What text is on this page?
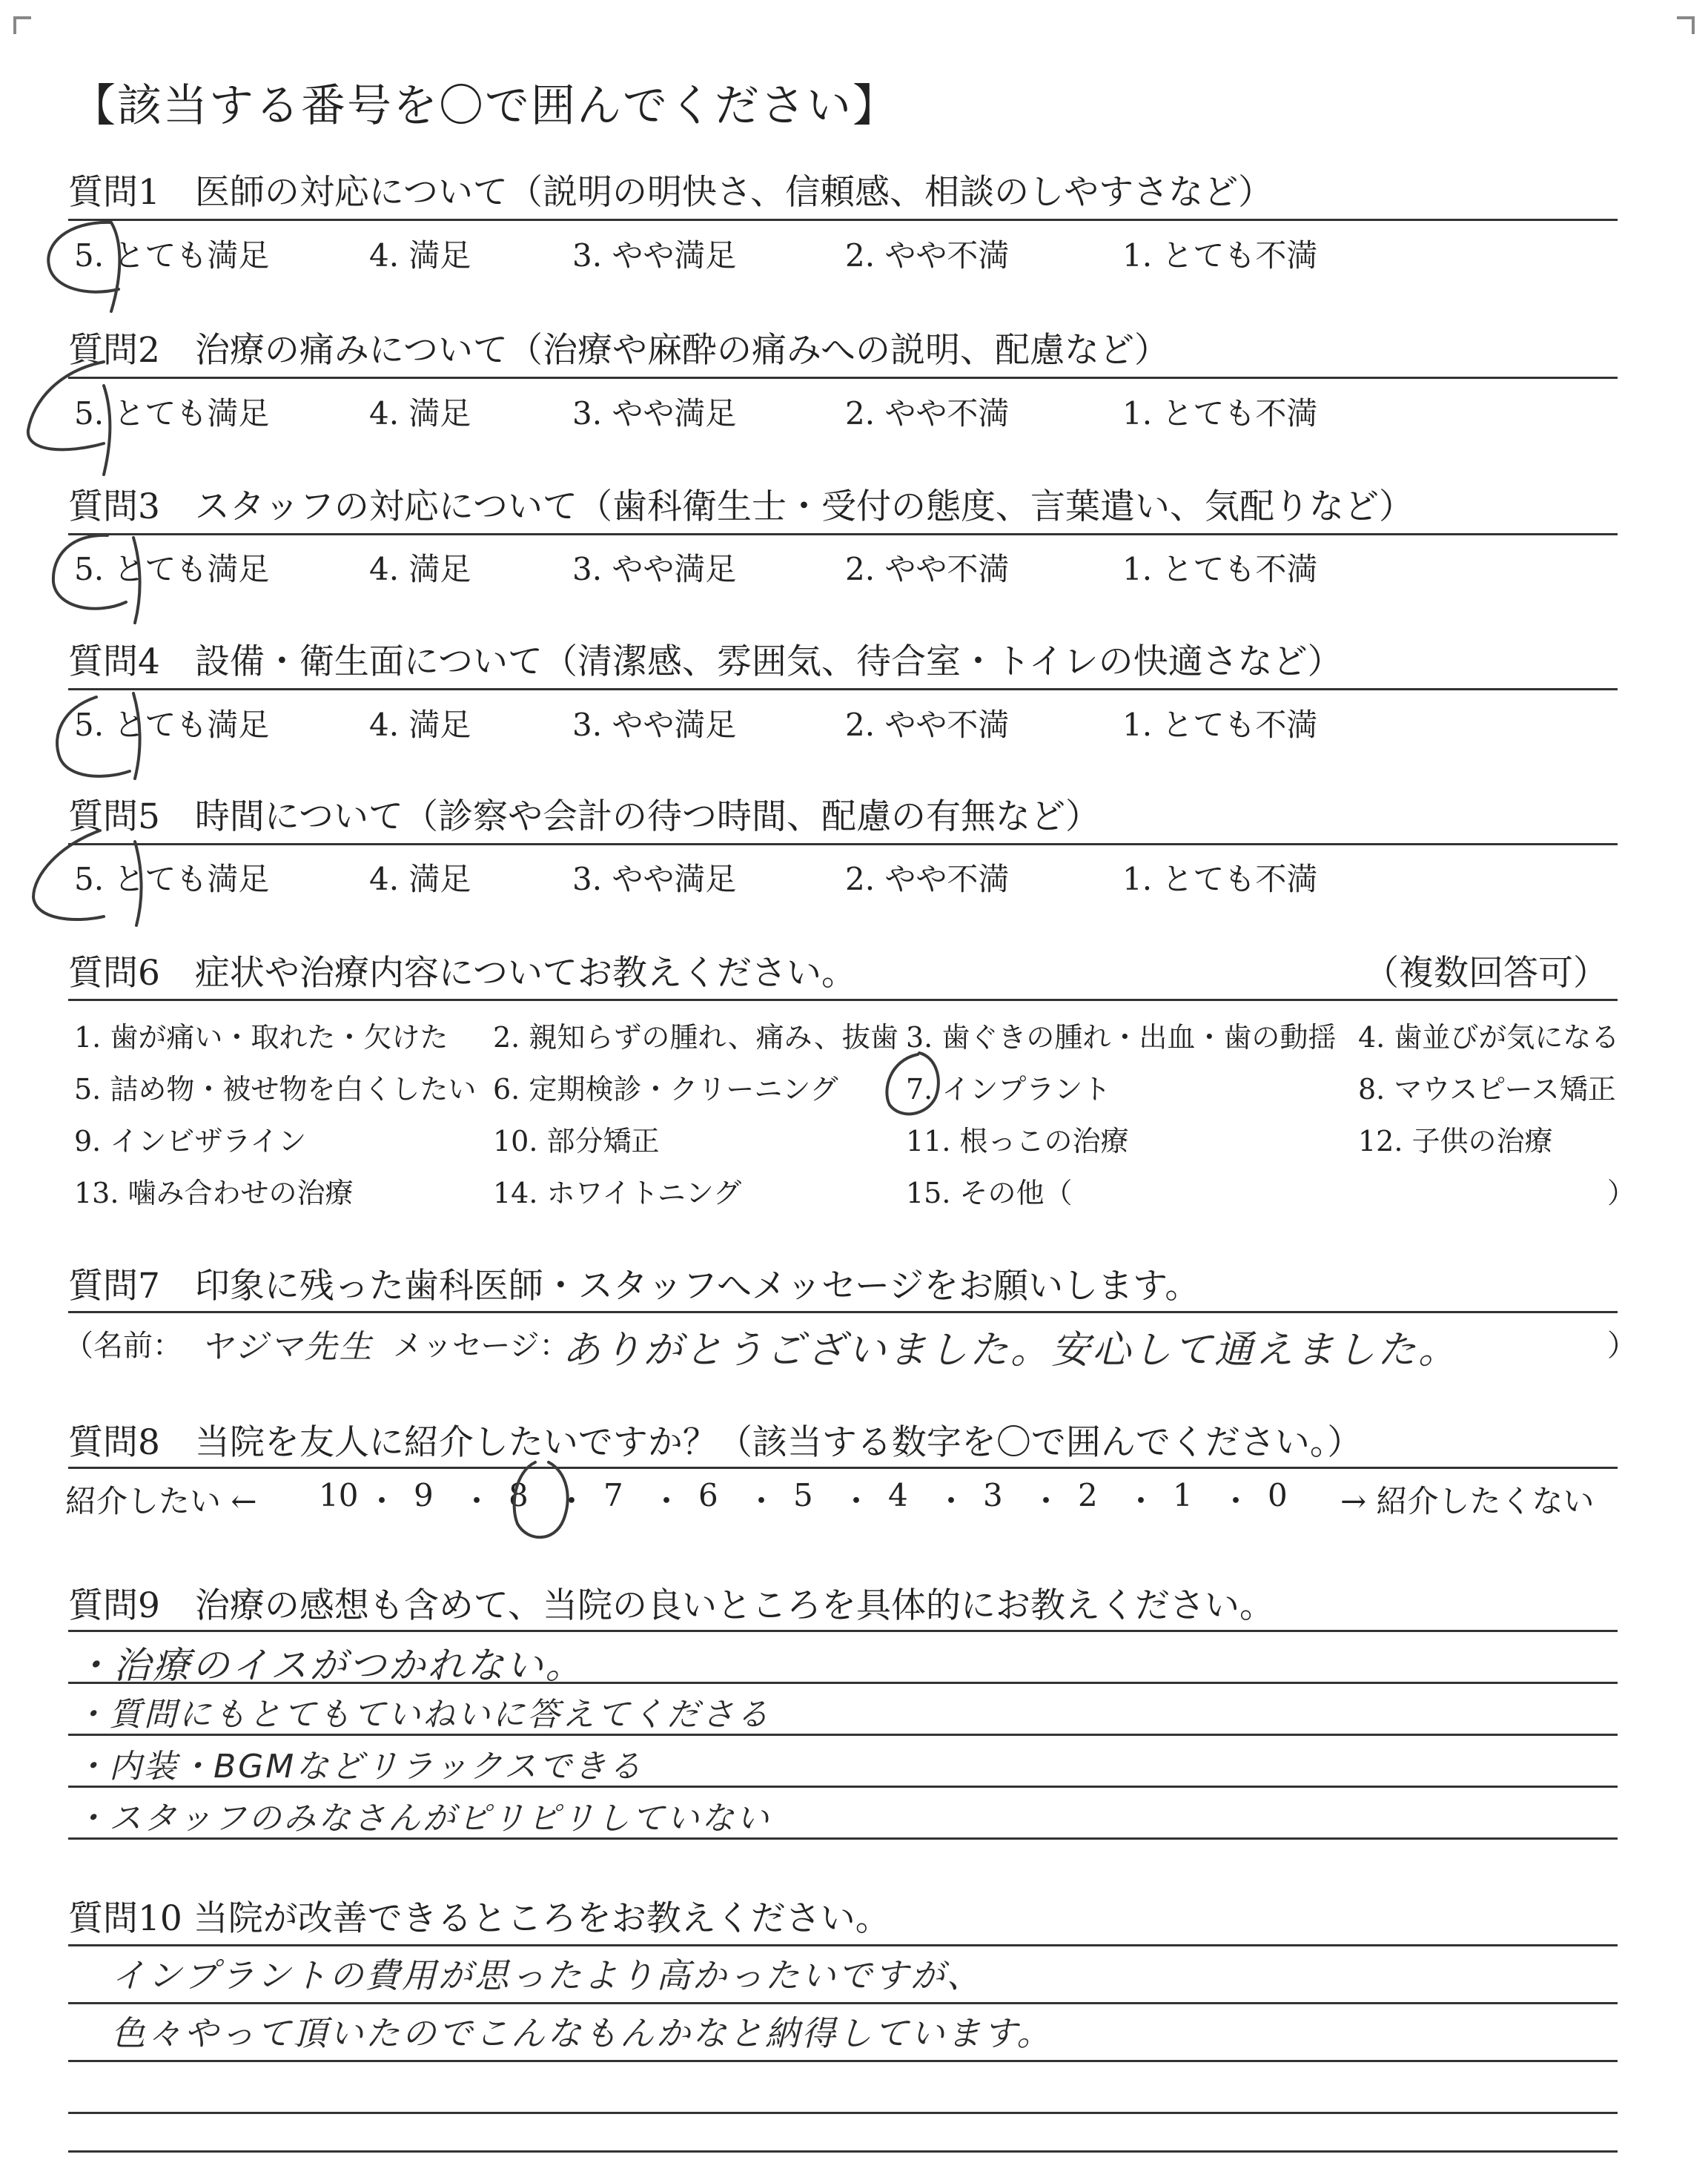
【該当する番号を〇で囲んでください】
質問1　医師の対応について（説明の明快さ、信頼感、相談のしやすさなど）
5. とても満足	4. 満足	3. やや満足	2. やや不満	1. とても不満
質問2　治療の痛みについて（治療や麻酔の痛みへの説明、配慮など）
5. とても満足	4. 満足	3. やや満足	2. やや不満	1. とても不満
質問3　スタッフの対応について（歯科衛生士・受付の態度、言葉遣い、気配りなど）
5. とても満足	4. 満足	3. やや満足	2. やや不満	1. とても不満
質問4　設備・衛生面について（清潔感、雰囲気、待合室・トイレの快適さなど）
5. とても満足	4. 満足	3. やや満足	2. やや不満	1. とても不満
質問5　時間について（診察や会計の待つ時間、配慮の有無など）
5. とても満足	4. 満足	3. やや満足	2. やや不満	1. とても不満
質問6　症状や治療内容についてお教えください。	（複数回答可）
1. 歯が痛い・取れた・欠けた 2. 親知らずの腫れ、痛み、抜歯 3. 歯ぐきの腫れ・出血・歯の動揺 4. 歯並びが気になる
5. 詰め物・被せ物を白くしたい 6. 定期検診・クリーニング 7. インプラント	8. マウスピース矯正
9. インビザライン	10. 部分矯正	11. 根っこの治療	12. 子供の治療
13. 噛み合わせの治療	14. ホワイトニング	15. その他（	）
質問7　印象に残った歯科医師・スタッフへメッセージをお願いします。
（名前： ヤジマ先生 メッセージ：
ありがとうございました。安心して通えました。	）
質問8　当院を友人に紹介したいですか？（該当する数字を〇で囲んでください。）
紹介したい ←	→ 紹介したくない
10 ・ 9 ・ 8 ・ 7 ・ 6 ・ 5 ・ 4 ・ 3 ・ 2 ・ 1 ・ 0
質問9　治療の感想も含めて、当院の良いところを具体的にお教えください。
・治療のイスがつかれない。
・質問にもとてもていねいに答えてくださる
・内装・BGMなどリラックスできる
・スタッフのみなさんがピリピリしていない
質問10 当院が改善できるところをお教えください。
インプラントの費用が思ったより高かったいですが、
色々やって頂いたのでこんなもんかなと納得しています。
